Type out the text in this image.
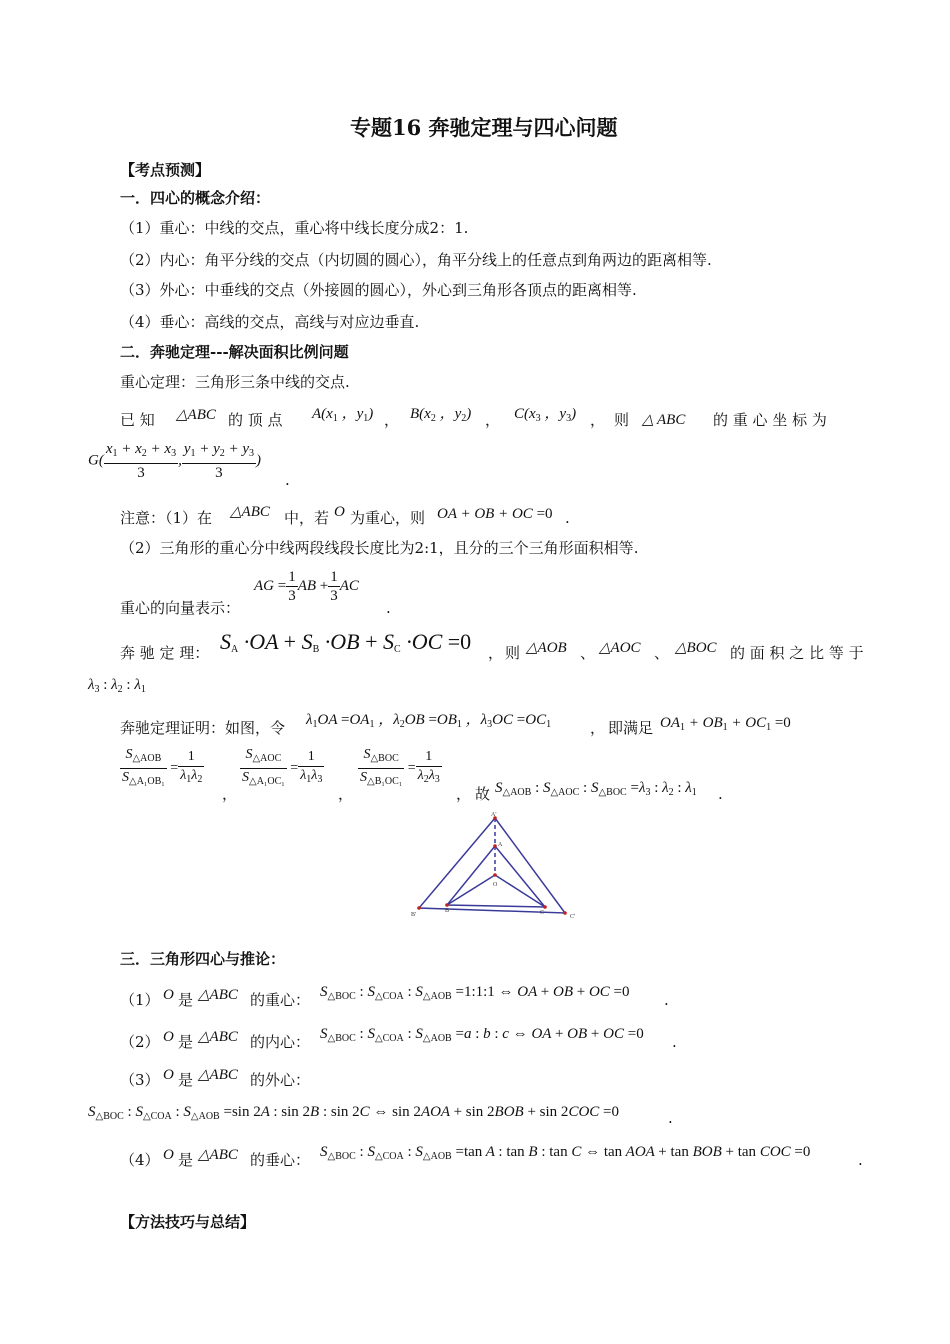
专题16 奔驰定理与四心问题
【考点预测】
一．四心的概念介绍：
（1）重心：中线的交点，重心将中线长度分成2：1.
（2）内心：角平分线的交点（内切圆的圆心），角平分线上的任意点到角两边的距离相等.
（3）外心：中垂线的交点（外接圆的圆心），外心到三角形各顶点的距离相等.
（4）垂心：高线的交点，高线与对应边垂直.
二．奔驰定理---解决面积比例问题
重心定理：三角形三条中线的交点.
已 知 △ABC 的 顶 点 $A(x_1$ ，$y_1$) ， $B(x_2$ ，$y_2$) ， $C(x_3$ ，$y_3$) ， 则 △ ABC 的 重 心 坐 标 为
$G( \frac{x_1 + x_2 + x_3}{3}$ , $\frac{y_1 + y_2 + y_3}{3}$ )
.
注意：（1）在 △ABC 中，若 O 为重心，则 OA + OB + OC =0 .
（2）三角形的重心分中线两段线段长度比为2:1，且分的三个三角形面积相等.
重心的向量表示：
AG = $\frac{1}{3}$ AB + $\frac{1}{3}$ AC
.
奔 驰 定 理： $S_A \cdot OA + S_B \cdot OB + S_C \cdot OC =0$ ， 则 △AOB 、 △AOC 、 △BOC 的 面 积 之 比 等 于
$\lambda_3$ : $\lambda_2$ : $\lambda_1$
奔驰定理证明：如图，令 $\lambda_1OA =OA_1$ ，$\lambda_2OB =OB_1$ ，$\lambda_3OC =OC_1$	， 即满足 $OA_1 + OB_1 + OC_1 =0$
$\frac{S_{\triangle AOB}}{S_{\triangle A_1OB_1}} = \frac{1}{\lambda_1\lambda_2}$
，
$\frac{S_{\triangle AOC}}{S_{\triangle A_1OC_1}} = \frac{1}{\lambda_1\lambda_3}$
，
$\frac{S_{\triangle BOC}}{S_{\triangle B_1OC_1}} = \frac{1}{\lambda_2\lambda_3}$
， 故 $S_{\triangle AOB}$ : $S_{\triangle AOC}$ : $S_{\triangle BOC} =\lambda_3$ : $\lambda_2$ : $\lambda_1$ .
A'
A
O
B	C
B'	C'
三．三角形四心与推论：
（1） O 是 △ABC 的重心： $S_{\triangle BOC}$ : $S_{\triangle COA}$ : $S_{\triangle AOB}$ =1:1:1 ⇔ OA + OB + OC =0 .
（2） O 是 △ABC 的内心： $S_{\triangle BOC}$ : $S_{\triangle COA}$ : $S_{\triangle AOB} =a$ : b : c ⇔ OA + OB + OC =0 .
（3） O 是 △ABC 的外心：
$S_{\triangle BOC}$ : $S_{\triangle COA}$ : $S_{\triangle AOB} =\sin$ 2A : sin 2B : sin 2C ⇔ sin 2AOA + sin 2BOB + sin 2COC =0	.
（4） O 是 △ABC 的垂心： $S_{\triangle BOC}$ : $S_{\triangle COA}$ : $S_{\triangle AOB} =\tan$ A : tan B : tan C ⇔ tan AOA + tan BOB + tan COC =0	.
【方法技巧与总结】
